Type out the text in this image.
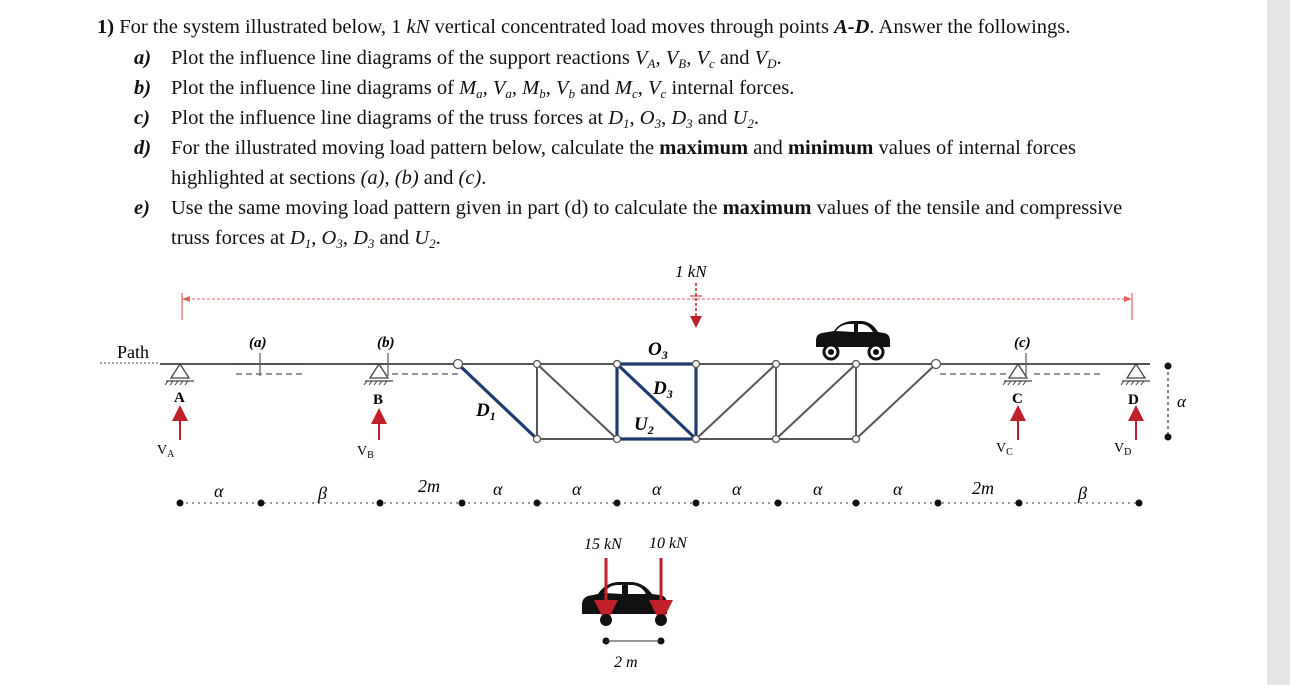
1) For the system illustrated below, 1 kN vertical concentrated load moves through points A-D. Answer the followings.
a) Plot the influence line diagrams of the support reactions $V_A$, $V_B$, $V_c$ and $V_D$.
b) Plot the influence line diagrams of $M_a$, $V_a$, $M_b$, $V_b$ and $M_c$, $V_c$ internal forces.
c) Plot the influence line diagrams of the truss forces at $D_1$, $O_3$, $D_3$ and $U_2$.
d) For the illustrated moving load pattern below, calculate the maximum and minimum values of internal forces
highlighted at sections (a), (b) and (c).
e) Use the same moving load pattern given in part (d) to calculate the maximum values of the tensile and compressive
truss forces at $D_1$, $O_3$, $D_3$ and $U_2$.
1 kN
Path	$O_3$
$D_3$
$U_2$
$D_1$
A	B	C	D
$V_A$	$V_B$	$V_C$	$V_D$
(a)	(b)	(c)
α
α	β	2m	α	α	α	α	α	α	2m	β
15 kN 10 kN
2 m
